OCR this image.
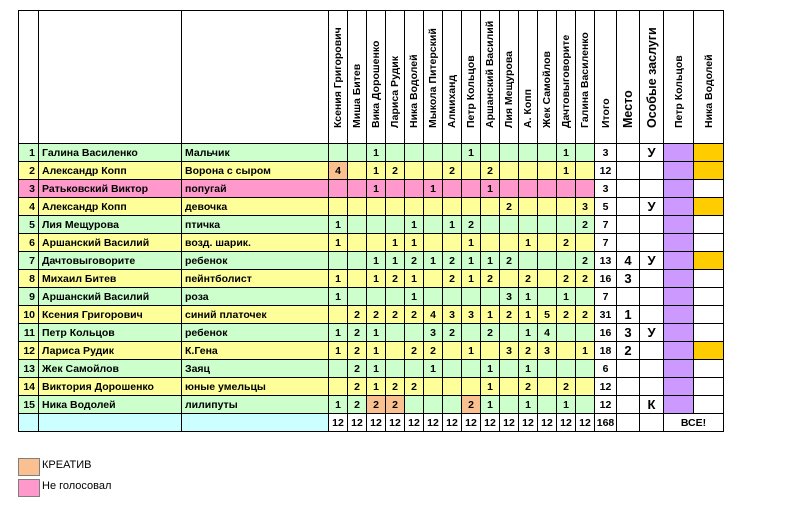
			Ксения Григорович	Миша Битев	Вика Дорошенко	Лариса Рудик	Ника Водолей	Мыкола Питерский	Алмиханд	Петр Кольцов	Аршанский Василий	Лия Мещурова	А. Копп	Жек Самойлов	Дачтовыговорите	Галина Василенко	Итого	Место	Особые заслуги	Петр Кольцов	Ника Водолей

1	Галина Василенко	Мальчик			1					1					1		3		У		
2	Александр Копп	Ворона с сыром	4		1	2			2		2				1		12				
3	Ратьковский Виктор	попугай			1			1			1						3				
4	Александр Копп	девочка										2				3	5		У		
5	Лия Мещурова	птичка	1				1		1	2						2	7				
6	Аршанский Василий	возд. шарик.	1			1	1			1			1		2		7				
7	Дачтовыговорите	ребенок			1	1	2	1	2	1	1	2				2	13	4	У		
8	Михаил Битев	пейнтболист	1		1	2	1		2	1	2		2		2	2	16	3			
9	Аршанский Василий	роза	1				1					3	1		1		7				
10	Ксения Григорович	синий платочек		2	2	2	2	4	3	3	1	2	1	5	2	2	31	1			
11	Петр Кольцов	ребенок	1	2	1			3	2		2		1	4			16	3	У		
12	Лариса Рудик	К.Гена	1	2	1		2	2		1		3	2	3		1	18	2			
13	Жек Самойлов	Заяц		2	1			1			1		1				6				
14	Виктория Дорошенко	юные умельцы		2	1	2	2				1		2		2		12				
15	Ника Водолей	лилипуты	1	2	2	2				2	1		1		1		12		К		
			12	12	12	12	12	12	12	12	12	12	12	12	12	12	168			ВСЕ!	
КРЕАТИВ
Не голосовал
